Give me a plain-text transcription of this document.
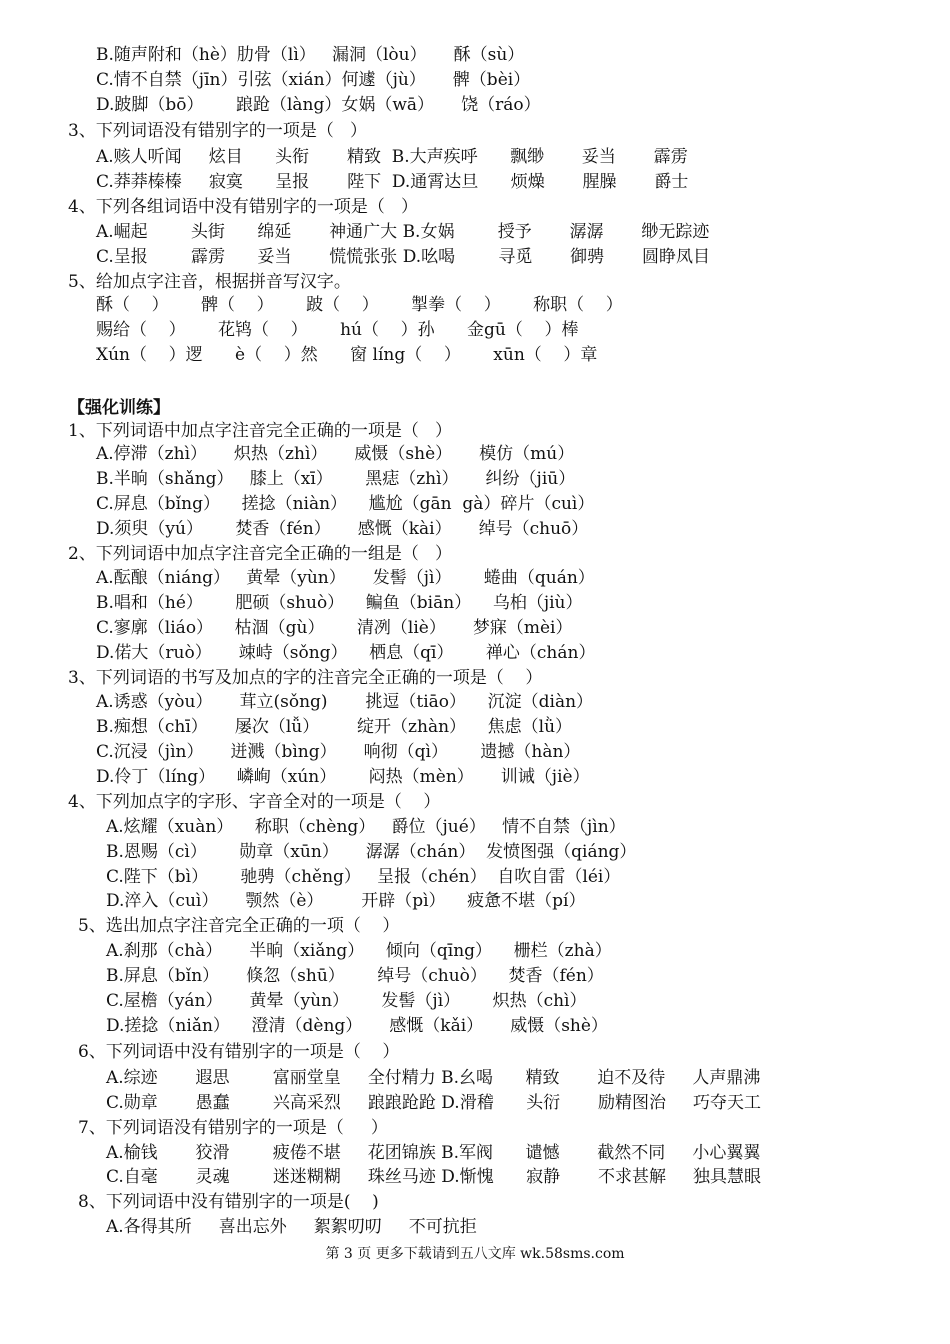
B.随声附和（hè）肋骨（lì）   漏洞（lòu）     酥（sù）
C.情不自禁（jīn）引弦（xián）何遽（jù）     髀（bèi）
D.跛脚（bō）      踉跄（làng）女娲（wā）     饶（ráo）
3、下列词语没有错别字的一项是（   ）
A.赅人听闻     炫目      头衔       精致  B.大声疾呼      飘缈       妥当       霹雳
C.莽莽榛榛     寂寞      呈报       陛下  D.通霄达旦      烦燥       腥臊       爵士
4、下列各组词语中没有错别字的一项是（   ）
A.崛起        头街      绵延       神通广大 B.女娲        授予       潺潺       缈无踪迹
C.呈报        霹雳      妥当       慌慌张张 D.吆喝        寻觅       御骋       圆睁凤目
5、给加点字注音，根据拼音写汉字。
酥（    ）      髀（    ）      跛（    ）      掣拳（    ）      称职（    ）
赐给（    ）      花鸨（    ）      hú（    ）孙      金gū（    ）棒
Xún（    ）逻      è（    ）然      窗 líng（    ）      xūn（    ）章
【强化训练】
1、下列词语中加点字注音完全正确的一项是（   ）
A.停滞（zhì）     炽热（zhì）     威慑（shè）     模仿（mú）
B.半晌（shǎng）   膝上（xī）      黑痣（zhì）     纠纷（jiū）
C.屏息（bǐng）    搓捻（niàn）    尴尬（gān  gà）碎片（cuì）
D.须臾（yú）      焚香（fén）     感慨（kài）     绰号（chuō）
2、下列词语中加点字注音完全正确的一组是（   ）
A.酝酿（niáng）   黄晕（yùn）     发髻（jì）      蜷曲（quán）
B.唱和（hé）      肥硕（shuò）    鳊鱼（biān）    乌桕（jiù）
C.寥廓（liáo）    枯涸（gù）      清冽（liè）     梦寐（mèi）
D.偌大（ruò）     竦峙（sǒng）    栖息（qī）      禅心（chán）
3、下列词语的书写及加点的字的注音完全正确的一项是（    ）
A.诱惑（yòu）     茸立(sǒng)       挑逗（tiāo）    沉淀（diàn）
B.痴想（chī）     屡次（lǚ）       绽开（zhàn）    焦虑（lǜ）
C.沉浸（jìn）     迸溅（bìng）     响彻（qì）      遗撼（hàn）
D.伶丁（líng）    嶙峋（xún）      闷热（mèn）     训诫（jiè）
4、下列加点字的字形、字音全对的一项是（    ）
A.炫耀（xuàn）    称职（chèng）   爵位（jué）   情不自禁（jìn）
B.恩赐（cì）      勋章（xūn）     潺潺（chán）  发愤图强（qiáng）
C.陛下（bì）      驰骋（chěng）   呈报（chén）  自吹自雷（léi）
D.淬入（cuì）     颚然（è）       开辟（pì）    疲惫不堪（pí）
5、选出加点字注音完全正确的一项（    ）
A.刹那（chà）     半晌（xiǎng）    倾向（qīng）    栅栏（zhà）
B.屏息（bǐn）     倏忽（shū）      绰号（chuò）    焚香（fén）
C.屋檐（yán）     黄晕（yùn）      发髻（jì）      炽热（chì）
D.搓捻（niǎn）    澄清（dèng）     感慨（kǎi）     威慑（shè）
6、下列词语中没有错别字的一项是（    ）
A.综迹       遐思        富丽堂皇     全付精力 B.幺喝      精致       迫不及待     人声鼎沸
C.勋章       愚蠢        兴高采烈     踉踉跄跄 D.滑稽      头衍       励精图治     巧夺天工
7、下列词语没有错别字的一项是（     ）
A.榆钱       狡滑        疲倦不堪     花团锦族 B.军阀      谴憾       截然不同     小心翼翼
C.自毫       灵魂        迷迷糊糊     珠丝马迹 D.惭愧      寂静       不求甚解     独具慧眼
8、下列词语中没有错别字的一项是(    )
A.各得其所     喜出忘外     絮絮叨叨     不可抗拒
第 3 页 更多下载请到五八文库 wk.58sms.com
